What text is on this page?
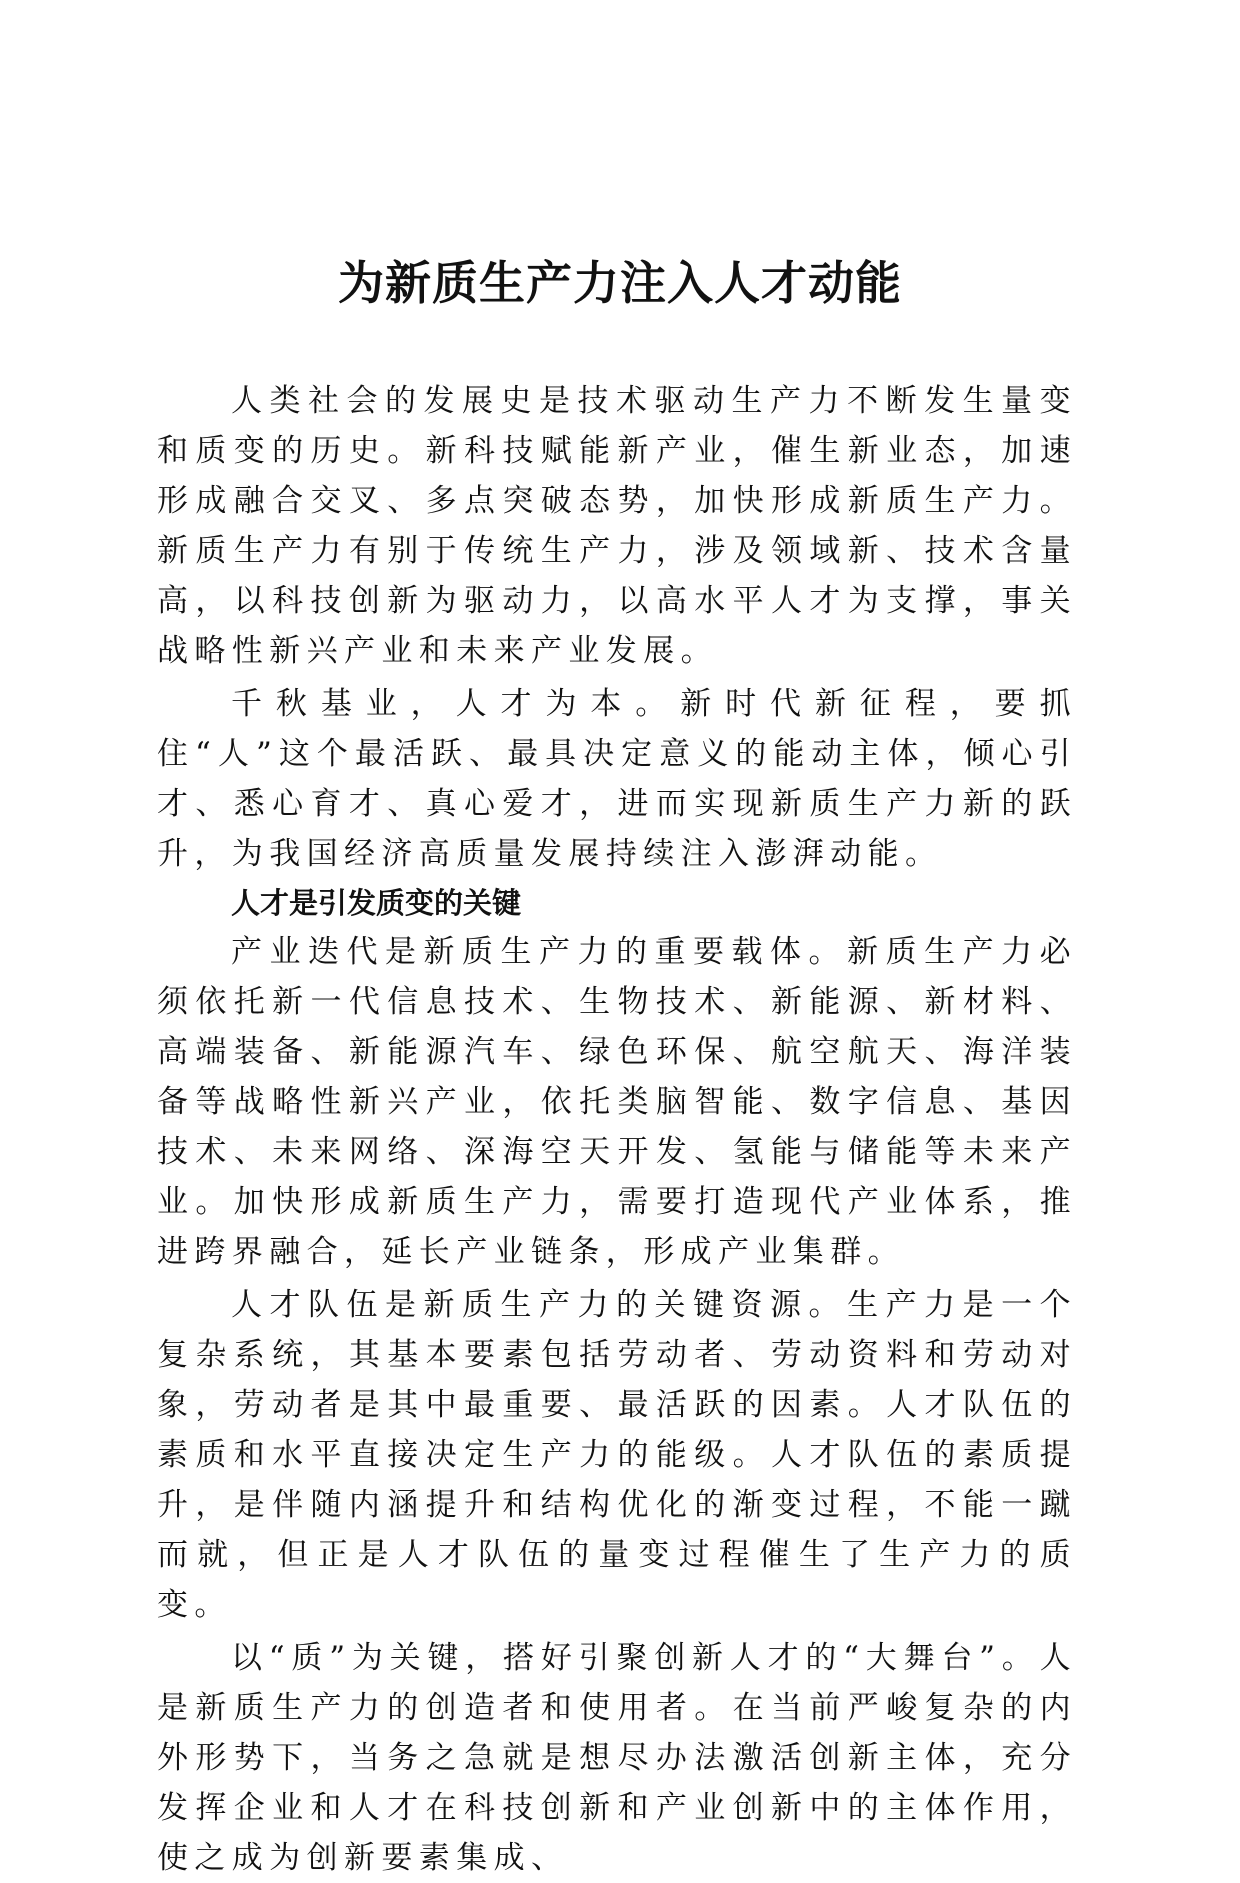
为新质生产力注入人才动能

人类社会的发展史是技术驱动生产力不断发生量变和质变的历史。新科技赋能新产业，催生新业态，加速形成融合交叉、多点突破态势，加快形成新质生产力。新质生产力有别于传统生产力，涉及领域新、技术含量高，以科技创新为驱动力，以高水平人才为支撑，事关战略性新兴产业和未来产业发展。

千秋基业，人才为本。新时代新征程，要抓住“人”这个最活跃、最具决定意义的能动主体，倾心引才、悉心育才、真心爱才，进而实现新质生产力新的跃升，为我国经济高质量发展持续注入澎湃动能。

人才是引发质变的关键

产业迭代是新质生产力的重要载体。新质生产力必须依托新一代信息技术、生物技术、新能源、新材料、高端装备、新能源汽车、绿色环保、航空航天、海洋装备等战略性新兴产业，依托类脑智能、数字信息、基因技术、未来网络、深海空天开发、氢能与储能等未来产业。加快形成新质生产力，需要打造现代产业体系，推进跨界融合，延长产业链条，形成产业集群。

人才队伍是新质生产力的关键资源。生产力是一个复杂系统，其基本要素包括劳动者、劳动资料和劳动对象，劳动者是其中最重要、最活跃的因素。人才队伍的素质和水平直接决定生产力的能级。人才队伍的素质提升，是伴随内涵提升和结构优化的渐变过程，不能一蹴而就，但正是人才队伍的量变过程催生了生产力的质变。

以“质”为关键，搭好引聚创新人才的“大舞台”。人是新质生产力的创造者和使用者。在当前严峻复杂的内外形势下，当务之急就是想尽办法激活创新主体，充分发挥企业和人才在科技创新和产业创新中的主体作用，使之成为创新要素集成、
